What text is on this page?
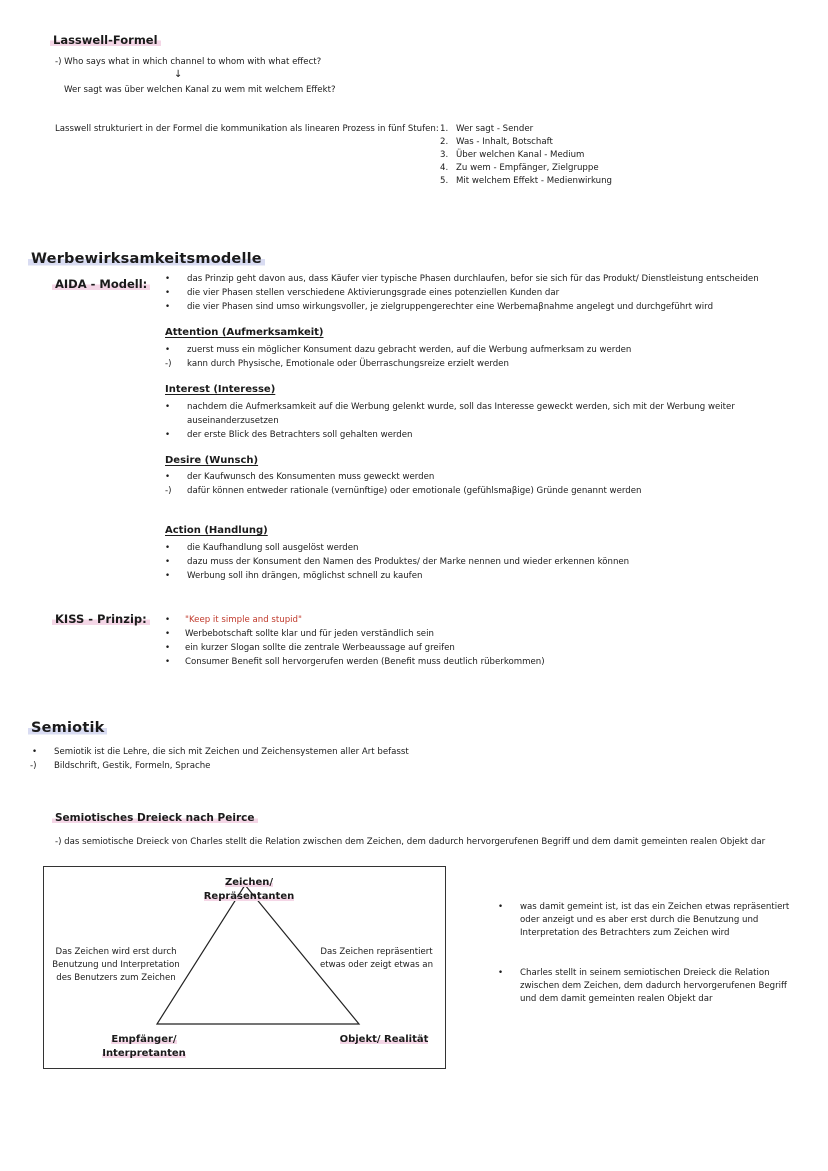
Lasswell-Formel
-) Who says what in which channel to whom with what effect?
↓
Wer sagt was über welchen Kanal zu wem mit welchem Effekt?
Lasswell strukturiert in der Formel die kommunikation als linearen Prozess in fünf Stufen: 1. Wer sagt - Sender
2. Was - Inhalt, Botschaft
3. Über welchen Kanal - Medium
4. Zu wem - Empfänger, Zielgruppe
5. Mit welchem Effekt - Medienwirkung
Werbewirksamkeitsmodelle
AIDA - Modell:	•	das Prinzip geht davon aus, dass Käufer vier typische Phasen durchlaufen, befor sie sich für das Produkt/ Dienstleistung entscheiden
•	die vier Phasen stellen verschiedene Aktivierungsgrade eines potenziellen Kunden dar
•	die vier Phasen sind umso wirkungsvoller, je zielgruppengerechter eine Werbemaβnahme angelegt und durchgeführt wird
Attention (Aufmerksamkeit)
•	zuerst muss ein möglicher Konsument dazu gebracht werden, auf die Werbung aufmerksam zu werden
-)	kann durch Physische, Emotionale oder Überraschungsreize erzielt werden
Interest (Interesse)
•	nachdem die Aufmerksamkeit auf die Werbung gelenkt wurde, soll das Interesse geweckt werden, sich mit der Werbung weiter
auseinanderzusetzen
•	der erste Blick des Betrachters soll gehalten werden
Desire (Wunsch)
•	der Kaufwunsch des Konsumenten muss geweckt werden
-)	dafür können entweder rationale (vernünftige) oder emotionale (gefühlsmaβige) Gründe genannt werden
Action (Handlung)
•	die Kaufhandlung soll ausgelöst werden
•	dazu muss der Konsument den Namen des Produktes/ der Marke nennen und wieder erkennen können
•	Werbung soll ihn drängen, möglichst schnell zu kaufen
KISS - Prinzip:	•	"Keep it simple and stupid"
•	Werbebotschaft sollte klar und für jeden verständlich sein
•	ein kurzer Slogan sollte die zentrale Werbeaussage auf greifen
•	Consumer Benefit soll hervorgerufen werden (Benefit muss deutlich rüberkommen)
Semiotik
•	Semiotik ist die Lehre, die sich mit Zeichen und Zeichensystemen aller Art befasst
-)	Bildschrift, Gestik, Formeln, Sprache
Semiotisches Dreieck nach Peirce
-) das semiotische Dreieck von Charles stellt die Relation zwischen dem Zeichen, dem dadurch hervorgerufenen Begriff und dem damit gemeinten realen Objekt dar
Zeichen/
Repräsentanten
Das Zeichen wird erst durch
Benutzung und Interpretation
des Benutzers zum Zeichen
Das Zeichen repräsentiert
etwas oder zeigt etwas an
Empfänger/
Interpretanten
Objekt/ Realität
•	was damit gemeint ist, ist das ein Zeichen etwas repräsentiert
oder anzeigt und es aber erst durch die Benutzung und
Interpretation des Betrachters zum Zeichen wird
•	Charles stellt in seinem semiotischen Dreieck die Relation
zwischen dem Zeichen, dem dadurch hervorgerufenen Begriff
und dem damit gemeinten realen Objekt dar
